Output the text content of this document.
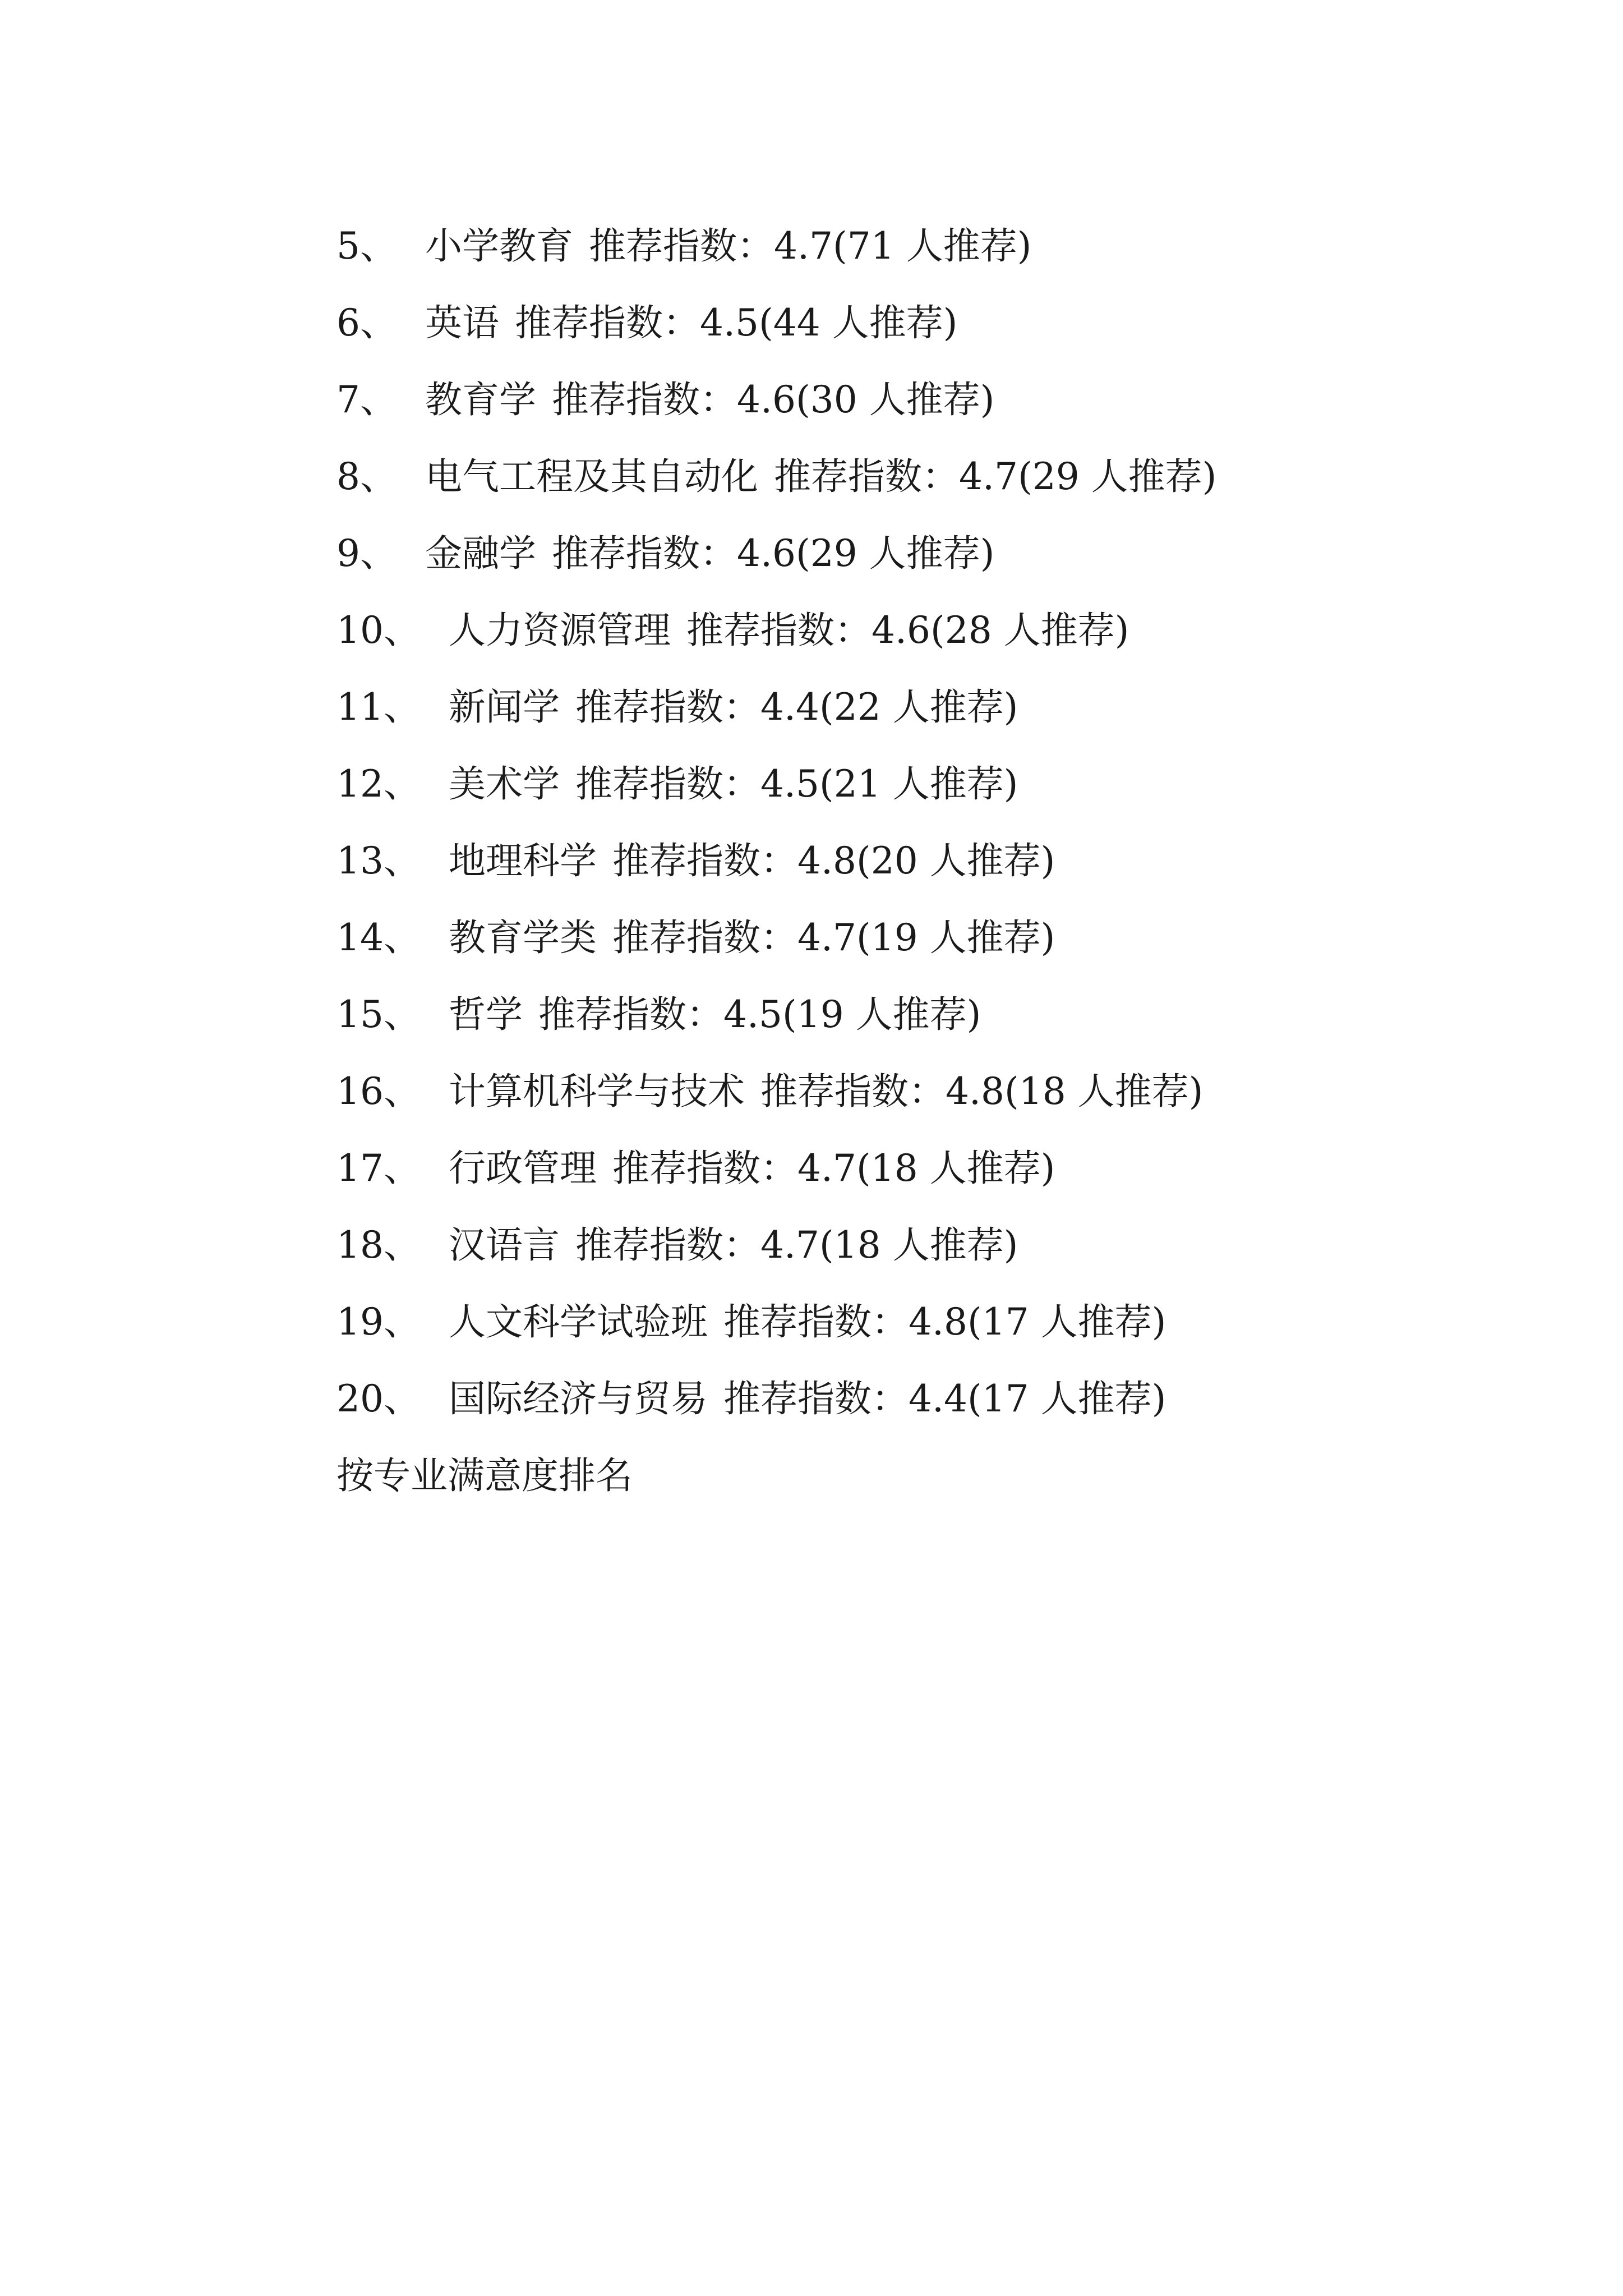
5、 小学教育 推荐指数：4.7(71 人推荐)
6、 英语 推荐指数：4.5(44 人推荐)
7、 教育学 推荐指数：4.6(30 人推荐)
8、 电气工程及其自动化 推荐指数：4.7(29 人推荐)
9、 金融学 推荐指数：4.6(29 人推荐)
10、 人力资源管理 推荐指数：4.6(28 人推荐)
11、 新闻学 推荐指数：4.4(22 人推荐)
12、 美术学 推荐指数：4.5(21 人推荐)
13、 地理科学 推荐指数：4.8(20 人推荐)
14、 教育学类 推荐指数：4.7(19 人推荐)
15、 哲学 推荐指数：4.5(19 人推荐)
16、 计算机科学与技术 推荐指数：4.8(18 人推荐)
17、 行政管理 推荐指数：4.7(18 人推荐)
18、 汉语言 推荐指数：4.7(18 人推荐)
19、 人文科学试验班 推荐指数：4.8(17 人推荐)
20、 国际经济与贸易 推荐指数：4.4(17 人推荐)
按专业满意度排名
